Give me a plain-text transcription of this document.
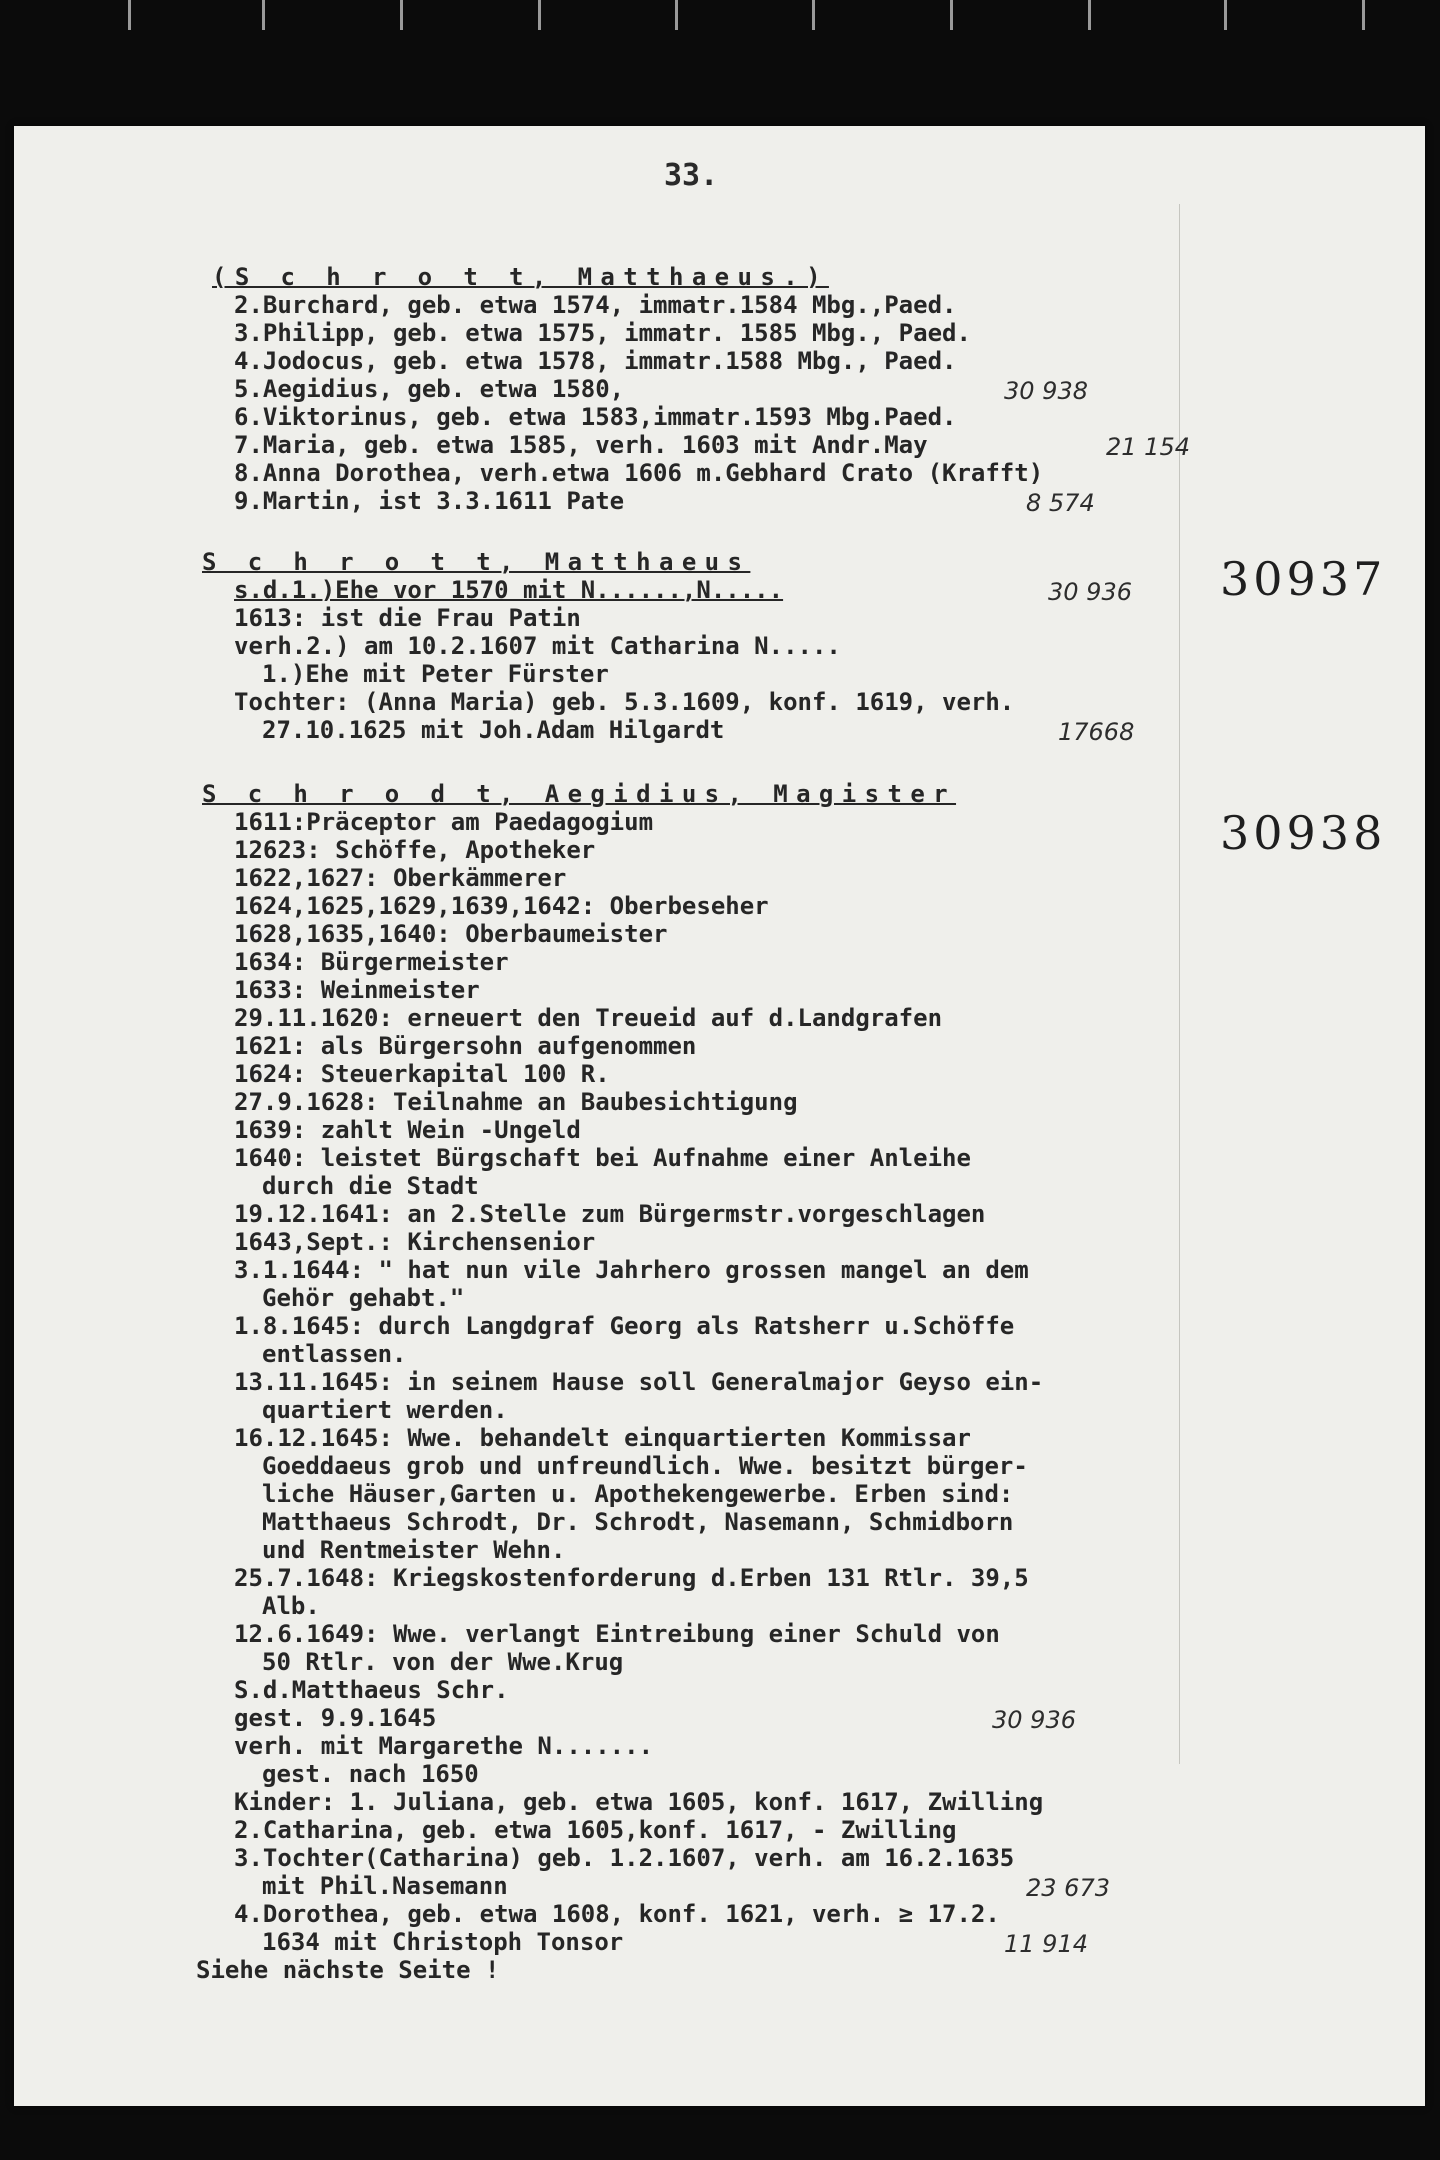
33.
(S c h r o t t, Matthaeus.)
2.Burchard, geb. etwa 1574, immatr.1584 Mbg.,Paed.
3.Philipp, geb. etwa 1575, immatr. 1585 Mbg., Paed.
4.Jodocus, geb. etwa 1578, immatr.1588 Mbg., Paed.
5.Aegidius, geb. etwa 1580,	30 938
6.Viktorinus, geb. etwa 1583,immatr.1593 Mbg.Paed.
7.Maria, geb. etwa 1585, verh. 1603 mit Andr.May	21 154
8.Anna Dorothea, verh.etwa 1606 m.Gebhard Crato (Krafft)
9.Martin, ist 3.3.1611 Pate	8 574
30937
S c h r o t t, Matthaeus
s.d.1.)Ehe vor 1570 mit N......,N.....	30 936
1613: ist die Frau Patin
verh.2.) am 10.2.1607 mit Catharina N.....
1.)Ehe mit Peter Fürster
Tochter: (Anna Maria) geb. 5.3.1609, konf. 1619, verh.
27.10.1625 mit Joh.Adam Hilgardt	17668
30938
S c h r o d t, Aegidius, Magister
1611:Präceptor am Paedagogium
12623: Schöffe, Apotheker
1622,1627: Oberkämmerer
1624,1625,1629,1639,1642: Oberbeseher
1628,1635,1640: Oberbaumeister
1634: Bürgermeister
1633: Weinmeister
29.11.1620: erneuert den Treueid auf d.Landgrafen
1621: als Bürgersohn aufgenommen
1624: Steuerkapital 100 R.
27.9.1628: Teilnahme an Baubesichtigung
1639: zahlt Wein -Ungeld
1640: leistet Bürgschaft bei Aufnahme einer Anleihe
durch die Stadt
19.12.1641: an 2.Stelle zum Bürgermstr.vorgeschlagen
1643,Sept.: Kirchensenior
3.1.1644: " hat nun vile Jahrhero grossen mangel an dem
Gehör gehabt."
1.8.1645: durch Langdgraf Georg als Ratsherr u.Schöffe
entlassen.
13.11.1645: in seinem Hause soll Generalmajor Geyso ein-
quartiert werden.
16.12.1645: Wwe. behandelt einquartierten Kommissar
Goeddaeus grob und unfreundlich. Wwe. besitzt bürger-
liche Häuser,Garten u. Apothekengewerbe. Erben sind:
Matthaeus Schrodt, Dr. Schrodt, Nasemann, Schmidborn
und Rentmeister Wehn.
25.7.1648: Kriegskostenforderung d.Erben 131 Rtlr. 39,5
Alb.
12.6.1649: Wwe. verlangt Eintreibung einer Schuld von
50 Rtlr. von der Wwe.Krug
S.d.Matthaeus Schr.
gest. 9.9.1645	30 936
verh. mit Margarethe N.......
gest. nach 1650
Kinder: 1. Juliana, geb. etwa 1605, konf. 1617, Zwilling
2.Catharina, geb. etwa 1605,konf. 1617, - Zwilling
3.Tochter(Catharina) geb. 1.2.1607, verh. am 16.2.1635
mit Phil.Nasemann	23 673
4.Dorothea, geb. etwa 1608, konf. 1621, verh. ≥ 17.2.
1634 mit Christoph Tonsor	11 914
Siehe nächste Seite !
